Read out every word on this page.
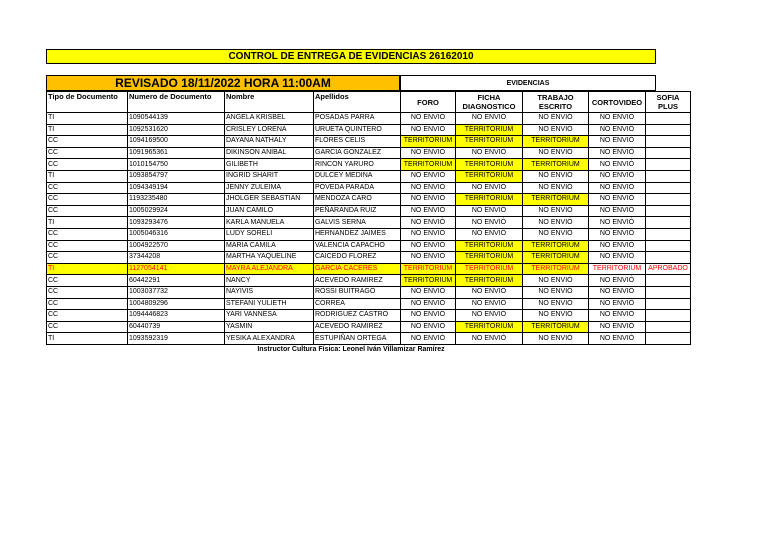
CONTROL DE ENTREGA DE EVIDENCIAS 26162010
REVISADO 18/11/2022 HORA 11:00AM	EVIDENCIAS
Tipo de Documento	Numero de Documento	Nombre	Apellidos	FORO	FICHA DIAGNOSTICO	TRABAJO ESCRITO	CORTOVIDEO	SOFIA PLUS
TI	1090544139	ANGELA KRISBEL	POSADAS PARRA	NO ENVIÓ	NO ENVIÓ	NO ENVIÓ	NO ENVIÓ	
TI	1092531620	CRISLEY LORENA	URUETA QUINTERO	NO ENVIÓ	TERRITORIUM	NO ENVIÓ	NO ENVIÓ	
CC	1094169500	DAYANA NATHALY	FLORES CELIS	TERRITORIUM	TERRITORIUM	TERRITORIUM	NO ENVIÓ	
CC	1091965361	DIKINSON ANIBAL	GARCIA GONZALEZ	NO ENVIÓ	NO ENVIÓ	NO ENVIÓ	NO ENVIÓ	
CC	1010154750	GILIBETH	RINCON YARURO	TERRITORIUM	TERRITORIUM	TERRITORIUM	NO ENVIÓ	
TI	1093854797	INGRID SHARIT	DULCEY MEDINA	NO ENVIÓ	TERRITORIUM	NO ENVIÓ	NO ENVIÓ	
CC	1094349194	JENNY ZULEIMA	POVEDA PARADA	NO ENVIÓ	NO ENVIÓ	NO ENVIÓ	NO ENVIÓ	
CC	1193235480	JHOLGER SEBASTIAN	MENDOZA CARO	NO ENVIÓ	TERRITORIUM	TERRITORIUM	NO ENVIÓ	
CC	1005029924	JUAN CAMILO	PEÑARANDA RUIZ	NO ENVIÓ	NO ENVIÓ	NO ENVIÓ	NO ENVIÓ	
TI	1093293476	KARLA MANUELA	GALVIS SERNA	NO ENVIÓ	NO ENVIÓ	NO ENVIÓ	NO ENVIÓ	
CC	1005046316	LUDY SORELI	HERNANDEZ JAIMES	NO ENVIÓ	NO ENVIÓ	NO ENVIÓ	NO ENVIÓ	
CC	1004922570	MARIA CAMILA	VALENCIA CAPACHO	NO ENVIÓ	TERRITORIUM	TERRITORIUM	NO ENVIÓ	
CC	37344208	MARTHA YAQUELINE	CAICEDO FLOREZ	NO ENVIÓ	TERRITORIUM	TERRITORIUM	NO ENVIÓ	
TI	1127054141	MAYRA ALEJANDRA	GARCIA CACERES	TERRITORIUM	TERRITORIUM	TERRITORIUM	TERRITORIUM	APROBADO
CC	60442291	NANCY	ACEVEDO RAMIREZ	TERRITORIUM	TERRITORIUM	NO ENVIÓ	NO ENVIÓ	
CC	1003037732	NAYIVIS	ROSSI BUITRAGO	NO ENVIÓ	NO ENVIÓ	NO ENVIÓ	NO ENVIÓ	
CC	1004809296	STEFANI YULIETH	CORREA	NO ENVIÓ	NO ENVIÓ	NO ENVIÓ	NO ENVIÓ	
CC	1094446823	YARI VANNESA	RODRIGUEZ CASTRO	NO ENVIÓ	NO ENVIÓ	NO ENVIÓ	NO ENVIÓ	
CC	60440739	YASMIN	ACEVEDO RAMIREZ	NO ENVIÓ	TERRITORIUM	TERRITORIUM	NO ENVIÓ	
TI	1093592319	YESIKA ALEXANDRA	ESTUPIÑAN ORTEGA	NO ENVIÓ	NO ENVIÓ	NO ENVIÓ	NO ENVIÓ	
Instructor Cultura Física: Leonel Iván Villamizar Ramírez
